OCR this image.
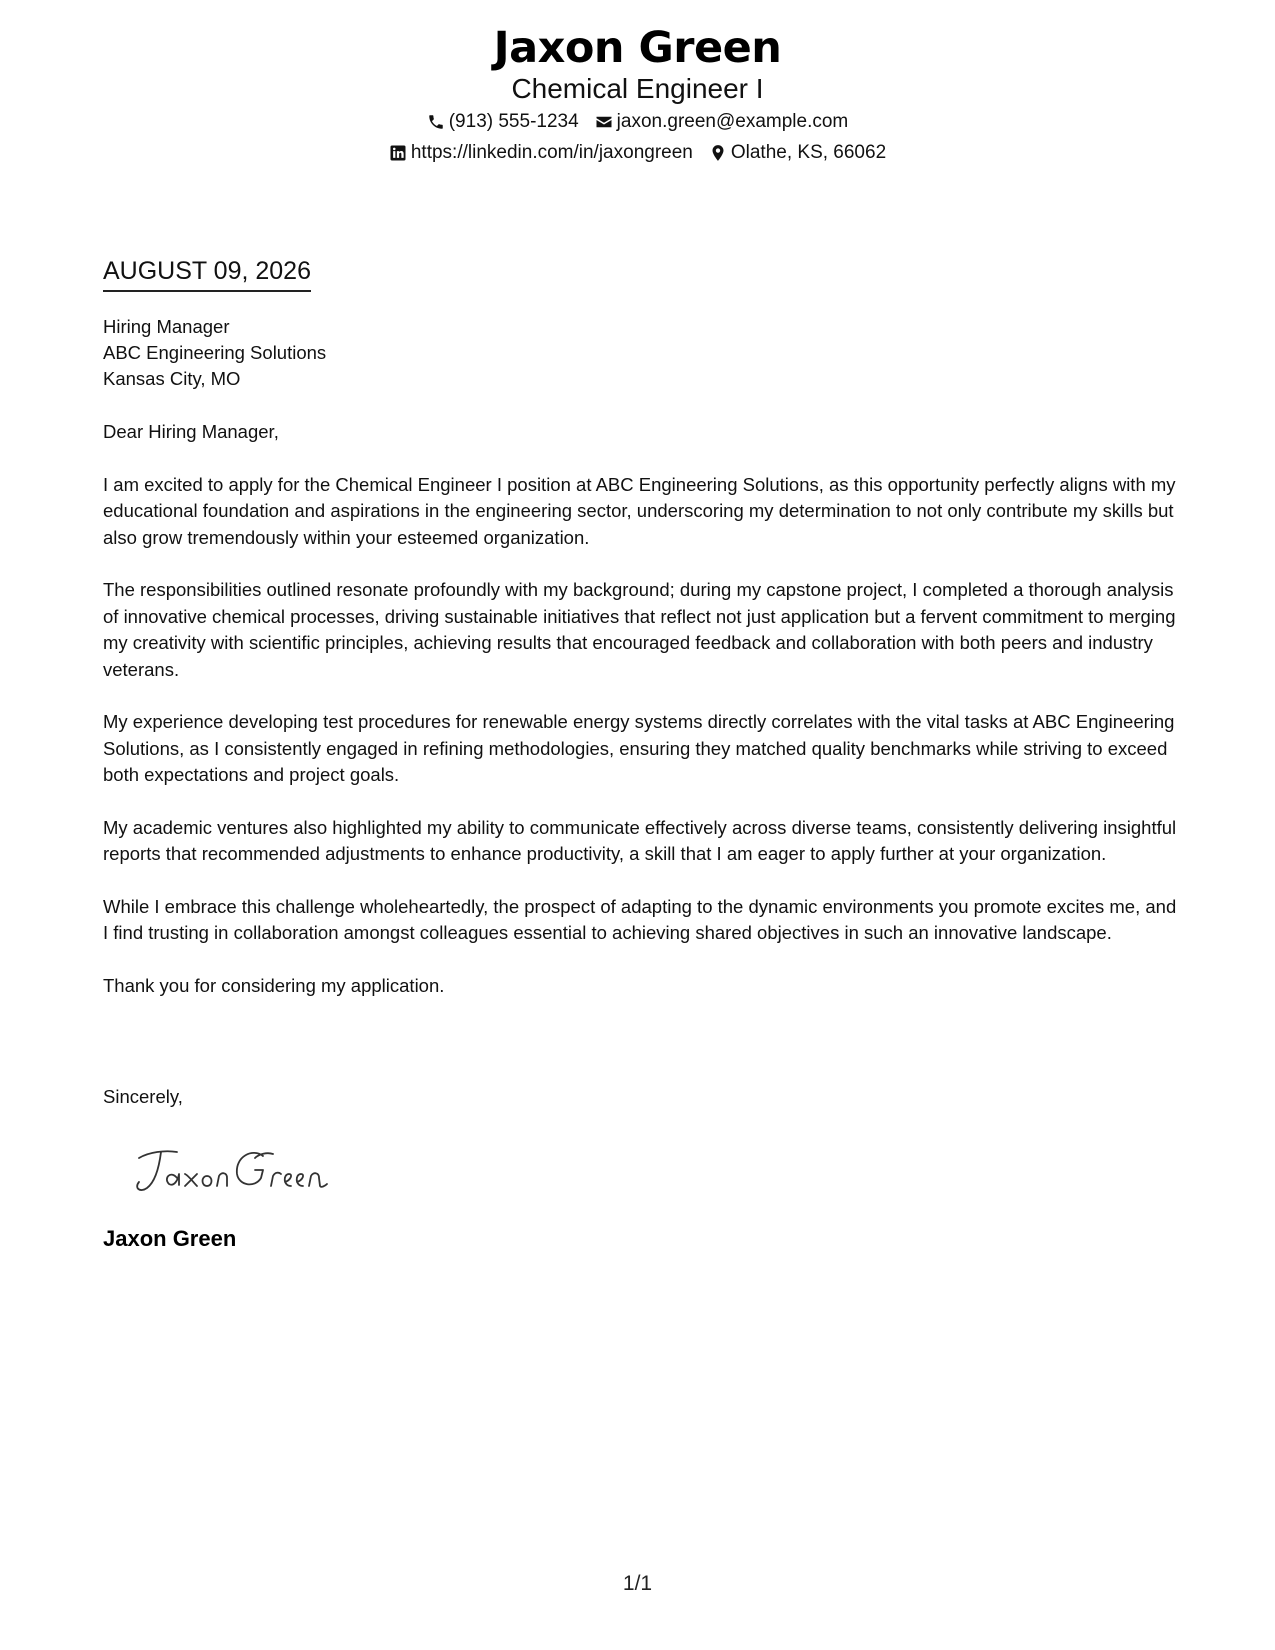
Jaxon Green
Chemical Engineer I
(913) 555-1234 jaxon.green@example.com
https://linkedin.com/in/jaxongreen Olathe, KS, 66062
AUGUST 09, 2026
Hiring Manager
ABC Engineering Solutions
Kansas City, MO

Dear Hiring Manager,

I am excited to apply for the Chemical Engineer I position at ABC Engineering Solutions, as this opportunity perfectly aligns with my educational foundation and aspirations in the engineering sector, underscoring my determination to not only contribute my skills but also grow tremendously within your esteemed organization.

The responsibilities outlined resonate profoundly with my background; during my capstone project, I completed a thorough analysis of innovative chemical processes, driving sustainable initiatives that reflect not just application but a fervent commitment to merging my creativity with scientific principles, achieving results that encouraged feedback and collaboration with both peers and industry veterans.

My experience developing test procedures for renewable energy systems directly correlates with the vital tasks at ABC Engineering Solutions, as I consistently engaged in refining methodologies, ensuring they matched quality benchmarks while striving to exceed both expectations and project goals.

My academic ventures also highlighted my ability to communicate effectively across diverse teams, consistently delivering insightful reports that recommended adjustments to enhance productivity, a skill that I am eager to apply further at your organization.

While I embrace this challenge wholeheartedly, the prospect of adapting to the dynamic environments you promote excites me, and I find trusting in collaboration amongst colleagues essential to achieving shared objectives in such an innovative landscape.

Thank you for considering my application.

Sincerely,
Jaxon Green
1/1
